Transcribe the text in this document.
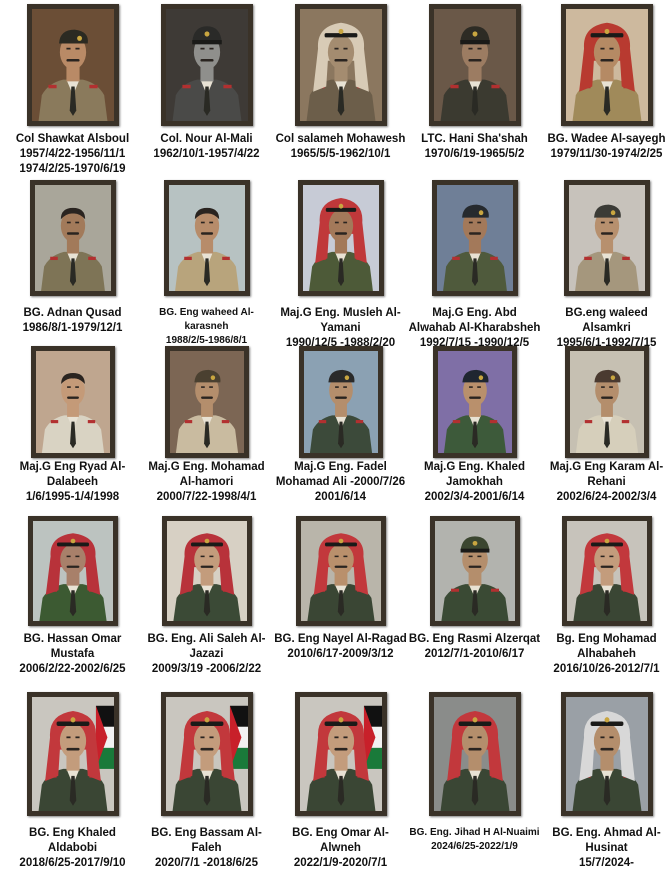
Col Shawkat Alsboul
1957/4/22-1956/11/1
1974/2/25-1970/6/19
Col. Nour Al-Mali
1962/10/1-1957/4/22
Col salameh Mohawesh
1965/5/5-1962/10/1
LTC. Hani Sha'shah
1970/6/19-1965/5/2
BG. Wadee Al-sayegh
1979/11/30-1974/2/25
BG. Adnan Qusad
1986/8/1-1979/12/1
BG. Eng waheed Al-karasneh
1988/2/5-1986/8/1
Maj.G Eng. Musleh Al-Yamani
1990/12/5 -1988/2/20
Maj.G Eng. Abd Alwahab Al-Kharabsheh
1992/7/15 -1990/12/5
BG.eng waleed Alsamkri
1995/6/1-1992/7/15
Maj.G Eng Ryad Al-Dalabeeh
1/6/1995-1/4/1998
Maj.G Eng. Mohamad Al-hamori
2000/7/22-1998/4/1
Maj.G Eng. Fadel Mohamad Ali -2000/7/26
2001/6/14
Maj.G Eng. Khaled Jamokhah
2002/3/4-2001/6/14
Maj.G Eng Karam Al-Rehani
2002/6/24-2002/3/4
BG. Hassan Omar Mustafa
2006/2/22-2002/6/25
BG. Eng. Ali Saleh Al-Jazazi
2009/3/19 -2006/2/22
BG. Eng Nayel Al-Ragad
2010/6/17-2009/3/12
BG. Eng Rasmi Alzerqat
2012/7/1-2010/6/17
Bg. Eng Mohamad Alhabaheh
2016/10/26-2012/7/1
BG. Eng Khaled Aldabobi
2018/6/25-2017/9/10
BG. Eng Bassam Al-Faleh
2020/7/1 -2018/6/25
BG. Eng Omar Al-Alwneh
2022/1/9-2020/7/1
BG. Eng. Jihad H Al-Nuaimi
2024/6/25-2022/1/9
BG. Eng. Ahmad Al-Husinat
15/7/2024-
